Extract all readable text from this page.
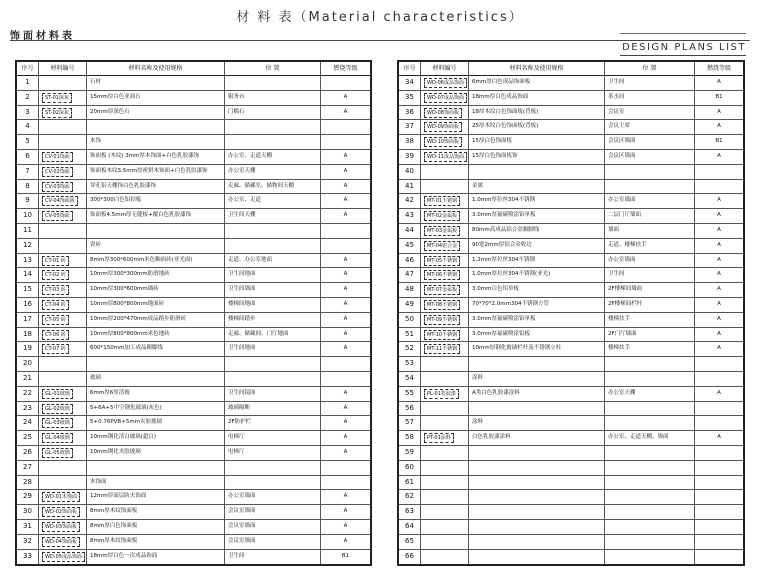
材 料 表（Material characteristics）
饰面材料表
DESIGN PLANS LIST
序号	材料编号	材料名称及使用规格	位 置	燃烧等级
1	石材
2	ST-01深灰	15mm厚白色亚面石	服务台	A
3	ST-02深灰	20mm厚深色石	门槛石	A
4
5	木饰
6	CV-01饰面	饰面板 (木纹) 3mm厚木饰面+白色乳胶漆饰	办公室、走道天棚	A
7	CV-02饰面	饰面板木纹3.5mm厚密拼木饰面+白色乳胶漆饰	办公室天棚	A
8	CV-03饰面	穿孔铝天棚饰白色乳胶漆饰	走廊、储藏室、储物间天棚	A
9	CV-04饰面板	300*300白色铝扣板	办公室、走道	A
10	CV-05饰面	饰面板4.5mm厚无缝板+覆白色乳胶漆饰	卫生间天棚	A
11
12	瓷砖
13	CT-01 砖	8mm厚300*600mm米色釉面砖(亚光面)	走道、办公室地面	A
14	CT-02 砖	10mm厚300*300mm防滑地砖	卫生间地面	A
15	CT-03 砖	10mm厚300*600mm墙砖	卫生间墙面	A
16	CT-04 砖	10mm厚800*800mm地面砖	楼梯间地面	A
17	CT-05 砖	10mm厚200*470mm成品踏步防滑砖	楼梯间踏步	A
18	CT-06 砖	10mm厚800*800mm米色地砖	走廊、储藏间、门厅地面	A
19	CT-07 砖	600*150mm加工成品踢脚线	卫生间地面	A
20
21	玻璃
22	GL-01玻璃	6mm厚6厚清玻	卫生间镜面	A
23	GL-02玻璃	5+6A+5中空钢化玻璃(灰色)	玻璃隔断	A
24	GL-03玻璃	5+0.76PVB+5mm夹胶玻璃	2F防护栏	A
25	GL-04玻璃	10mm钢化清白玻璃(超白)	电梯厅	A
26	GL-05玻璃	10mm钢化夹胶玻璃	电梯厅	A
27
28	木饰面
29	WD-01木饰面	12mm厚面层防火饰面	办公室墙面	A
30	WD-02饰面板	8mm厚木纹饰面板	会议室墙面	A
31	WD-03饰面板	8mm厚白色饰面板	会议室墙面	A
32	WD-04饰面板	8mm厚木纹饰面板	会议室墙面	A
33	WD-05成品饰面	18mm厚白色一次成品饰面	卫生间	B1
序号	材料编号	材料名称及使用规格	位 置	燃烧等级
34	WD-06成品饰面	6mm厚白色成品饰面板	卫生间	A
35	WD-07成品饰面	18mm厚白色成品饰面	茶水间	B1
36	WD-08饰面板	18厚木纹白色饰面板(背板)	会议室	A
37	WD-09饰面板	25厚木纹白色饰面板(背板)	会议主席	A
38	WD-10饰面板	15厚白色饰面板	会议区墙面	B1
39	WD-11成品饰面	15厚白色饰面板饰	会议区墙面	A
40
41	金属
42	MT-01不锈钢	1.0mm厚拉丝304不锈钢	办公室墙面	A
43	MT-02金属板	3.0mm厚氟碳喷涂铝单板	二层门厅墙面	A
44	MT-03金属板	80mm高成品铝合金踢脚线	墙面	A
45	MT-04铝合金	90宽2mm厚铝合金收边	走道、楼梯扶手	A
46	MT-05不锈钢	1.2mm厚拉丝304不锈钢	办公室墙面	A
47	MT-06不锈钢	1.0mm厚拉丝304不锈钢(亚光)	卫生间	A
48	MT-07金属板	3.0mm白色铝单板	2F楼梯间墙面	A
49	MT-08不锈钢	70*70*2.0mm304不锈钢方管	2F楼梯间栏杆	A
50	MT-09不锈钢	3.0mm厚氟碳喷涂铝单板	楼梯扶手	A
51	MT-10不锈钢	3.0mm厚氟碳喷涂铝板	2F门厅墙面	A
52	MT-11不锈钢	10mm厚钢化玻璃栏杆及不锈钢立柱	楼梯扶手	A
53
54	涂料
55	PL-01乳胶漆	A类白色乳胶漆涂料	办公室天棚	A
56
57	涂料
58	PT-01涂料	白色乳胶漆涂料	办公室、走道天棚、墙面	A
59
60
61
62
63
64
65
66
